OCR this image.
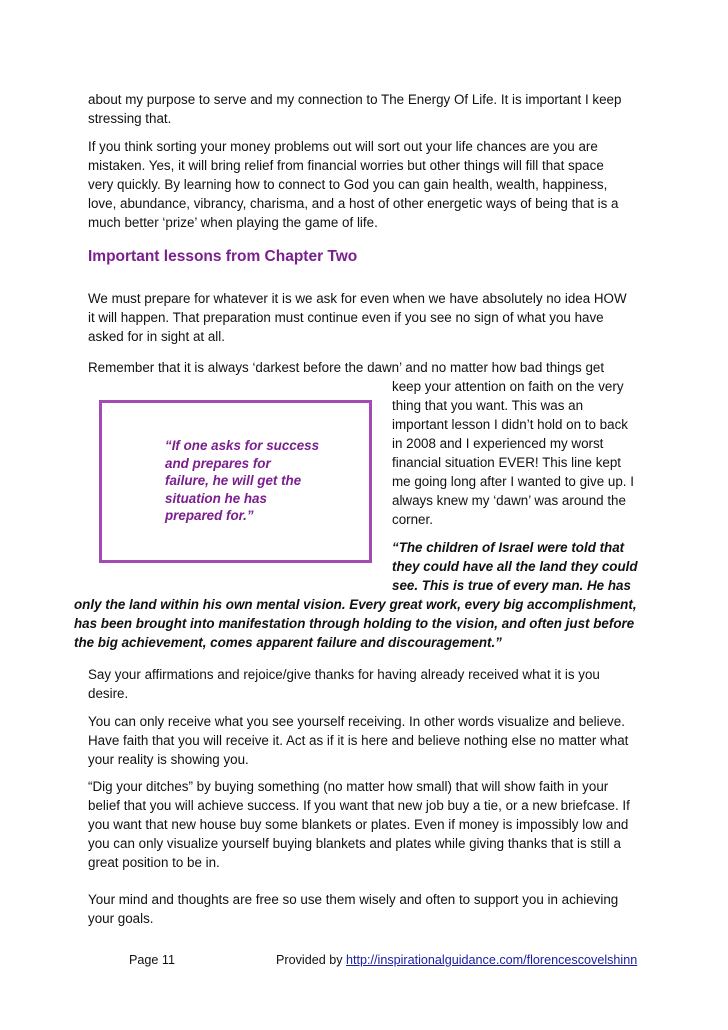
about my purpose to serve and my connection to The Energy Of Life. It is important I keep
stressing that.

If you think sorting your money problems out will sort out your life chances are you are
mistaken. Yes, it will bring relief from financial worries but other things will fill that space
very quickly. By learning how to connect to God you can gain health, wealth, happiness,
love, abundance, vibrancy, charisma, and a host of other energetic ways of being that is a
much better ‘prize’ when playing the game of life.

Important lessons from Chapter Two

We must prepare for whatever it is we ask for even when we have absolutely no idea HOW
it will happen. That preparation must continue even if you see no sign of what you have
asked for in sight at all.

Remember that it is always ‘darkest before the dawn’ and no matter how bad things get

“If one asks for success
and prepares for
failure, he will get the
situation he has
prepared for.”

keep your attention on faith on the very
thing that you want. This was an
important lesson I didn’t hold on to back
in 2008 and I experienced my worst
financial situation EVER! This line kept
me going long after I wanted to give up. I
always knew my ‘dawn’ was around the
corner.

“The children of Israel were told that
they could have all the land they could
see. This is true of every man. He has

only the land within his own mental vision. Every great work, every big accomplishment,
has been brought into manifestation through holding to the vision, and often just before
the big achievement, comes apparent failure and discouragement.”

Say your affirmations and rejoice/give thanks for having already received what it is you
desire.

You can only receive what you see yourself receiving. In other words visualize and believe.
Have faith that you will receive it. Act as if it is here and believe nothing else no matter what
your reality is showing you.

“Dig your ditches” by buying something (no matter how small) that will show faith in your
belief that you will achieve success. If you want that new job buy a tie, or a new briefcase. If
you want that new house buy some blankets or plates. Even if money is impossibly low and
you can only visualize yourself buying blankets and plates while giving thanks that is still a
great position to be in.

Your mind and thoughts are free so use them wisely and often to support you in achieving
your goals.

Page 11	Provided by http://inspirationalguidance.com/florencescovelshinn
